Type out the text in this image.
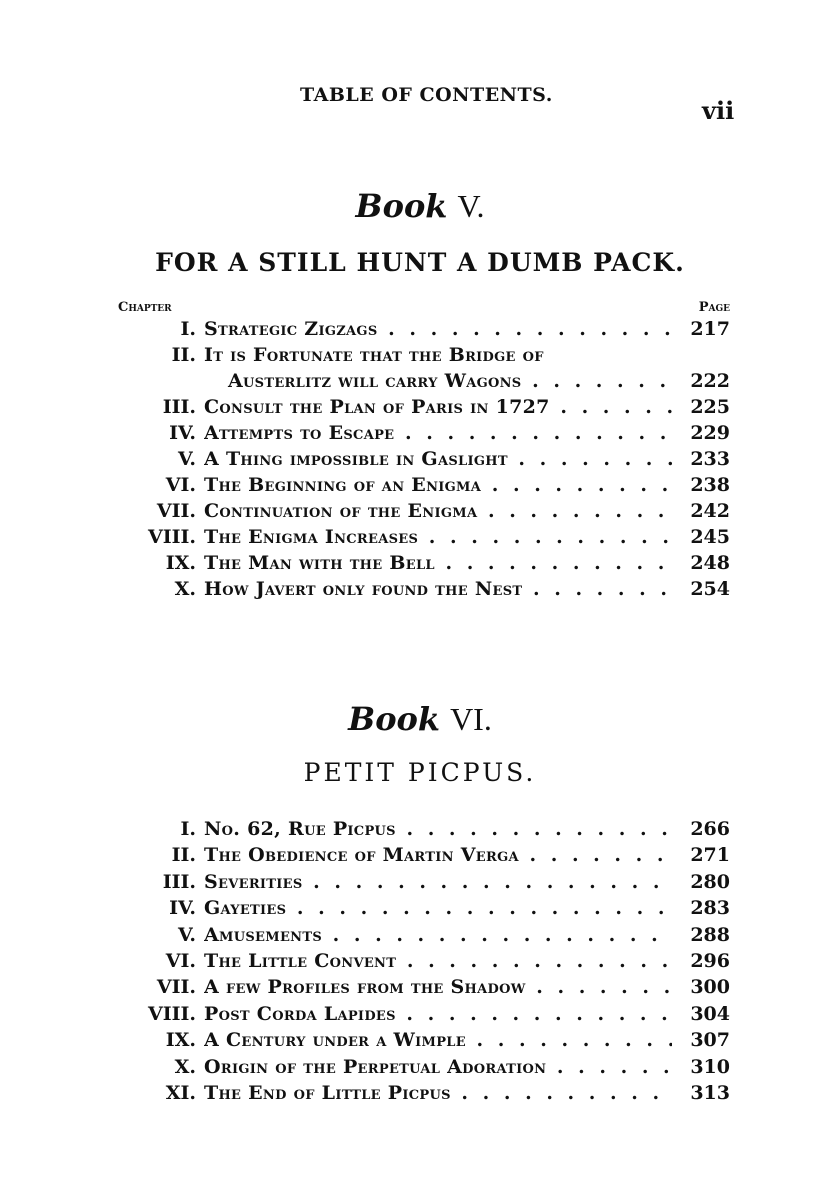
TABLE OF CONTENTS.
vii
Book V.
FOR A STILL HUNT A DUMB PACK.
Chapter	Page
I. Strategic Zigzags . . .	217
II. It is Fortunate that the Bridge of
Austerlitz will carry Wagons . . .	222
III. Consult the Plan of Paris in 1727 . . .	225
IV. Attempts to Escape . . .	229
V. A Thing impossible in Gaslight . . .	233
VI. The Beginning of an Enigma . . .	238
VII. Continuation of the Enigma . . .	242
VIII. The Enigma Increases . . .	245
IX. The Man with the Bell . . .	248
X. How Javert only found the Nest . . .	254
Book VI.
PETIT PICPUS.
I. No. 62, Rue Picpus . . .	266
II. The Obedience of Martin Verga . . .	271
III. Severities . . .	280
IV. Gayeties . . .	283
V. Amusements . . .	288
VI. The Little Convent . . .	296
VII. A few Profiles from the Shadow . . .	300
VIII. Post Corda Lapides . . .	304
IX. A Century under a Wimple . . .	307
X. Origin of the Perpetual Adoration . . .	310
XI. The End of Little Picpus . . .	313
